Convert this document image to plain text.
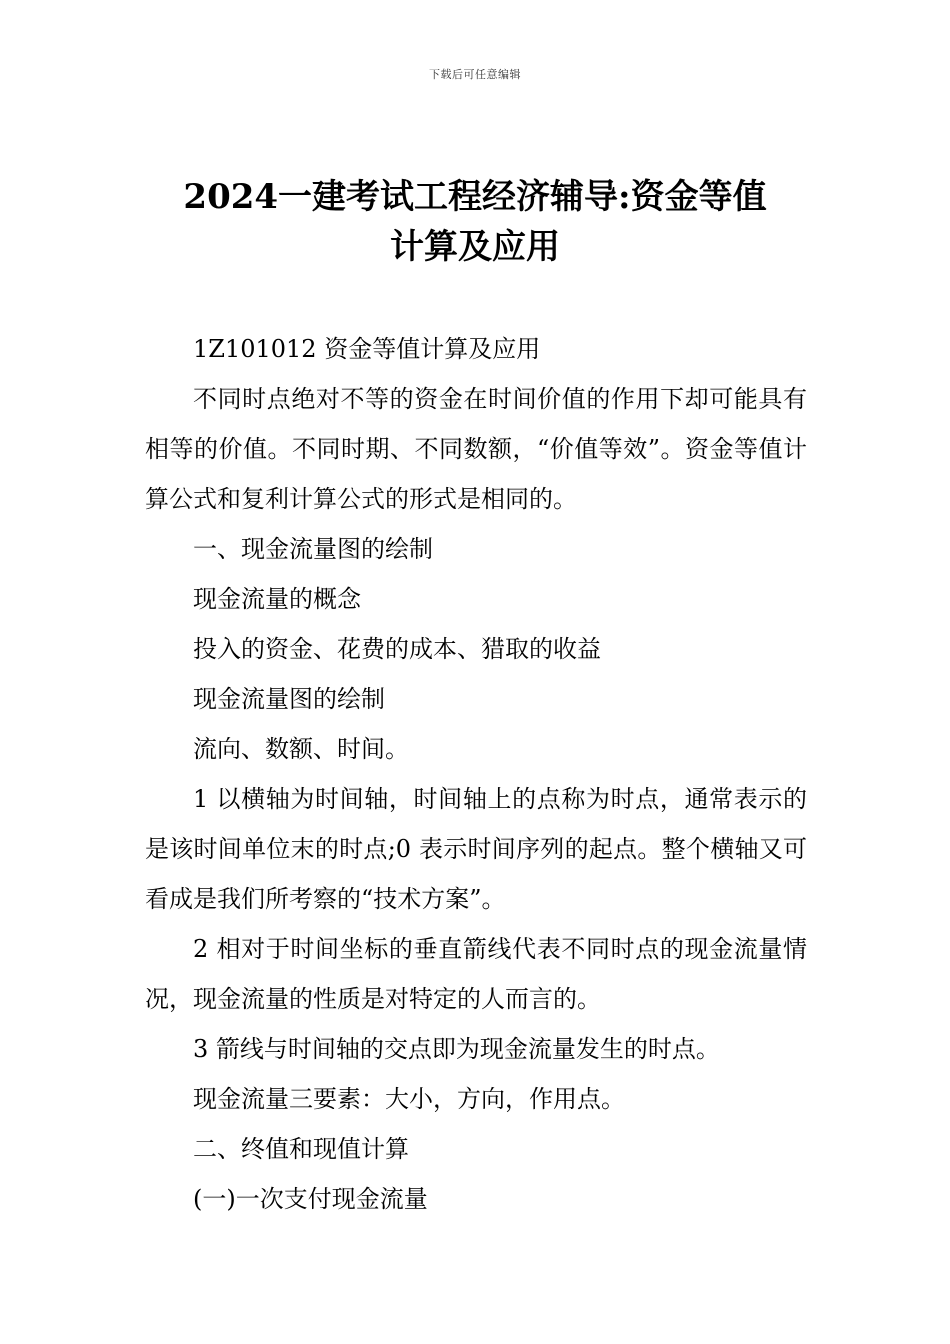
下载后可任意编辑
2024一建考试工程经济辅导:资金等值
计算及应用

1Z101012 资金等值计算及应用

不同时点绝对不等的资金在时间价值的作用下却可能具有相等的价值。不同时期、不同数额，“价值等效”。资金等值计算公式和复利计算公式的形式是相同的。

一、现金流量图的绘制

现金流量的概念

投入的资金、花费的成本、猎取的收益

现金流量图的绘制

流向、数额、时间。

1 以横轴为时间轴，时间轴上的点称为时点，通常表示的是该时间单位末的时点;0 表示时间序列的起点。整个横轴又可看成是我们所考察的“技术方案”。

2 相对于时间坐标的垂直箭线代表不同时点的现金流量情况，现金流量的性质是对特定的人而言的。

3 箭线与时间轴的交点即为现金流量发生的时点。

现金流量三要素：大小，方向，作用点。

二、终值和现值计算

(一)一次支付现金流量
